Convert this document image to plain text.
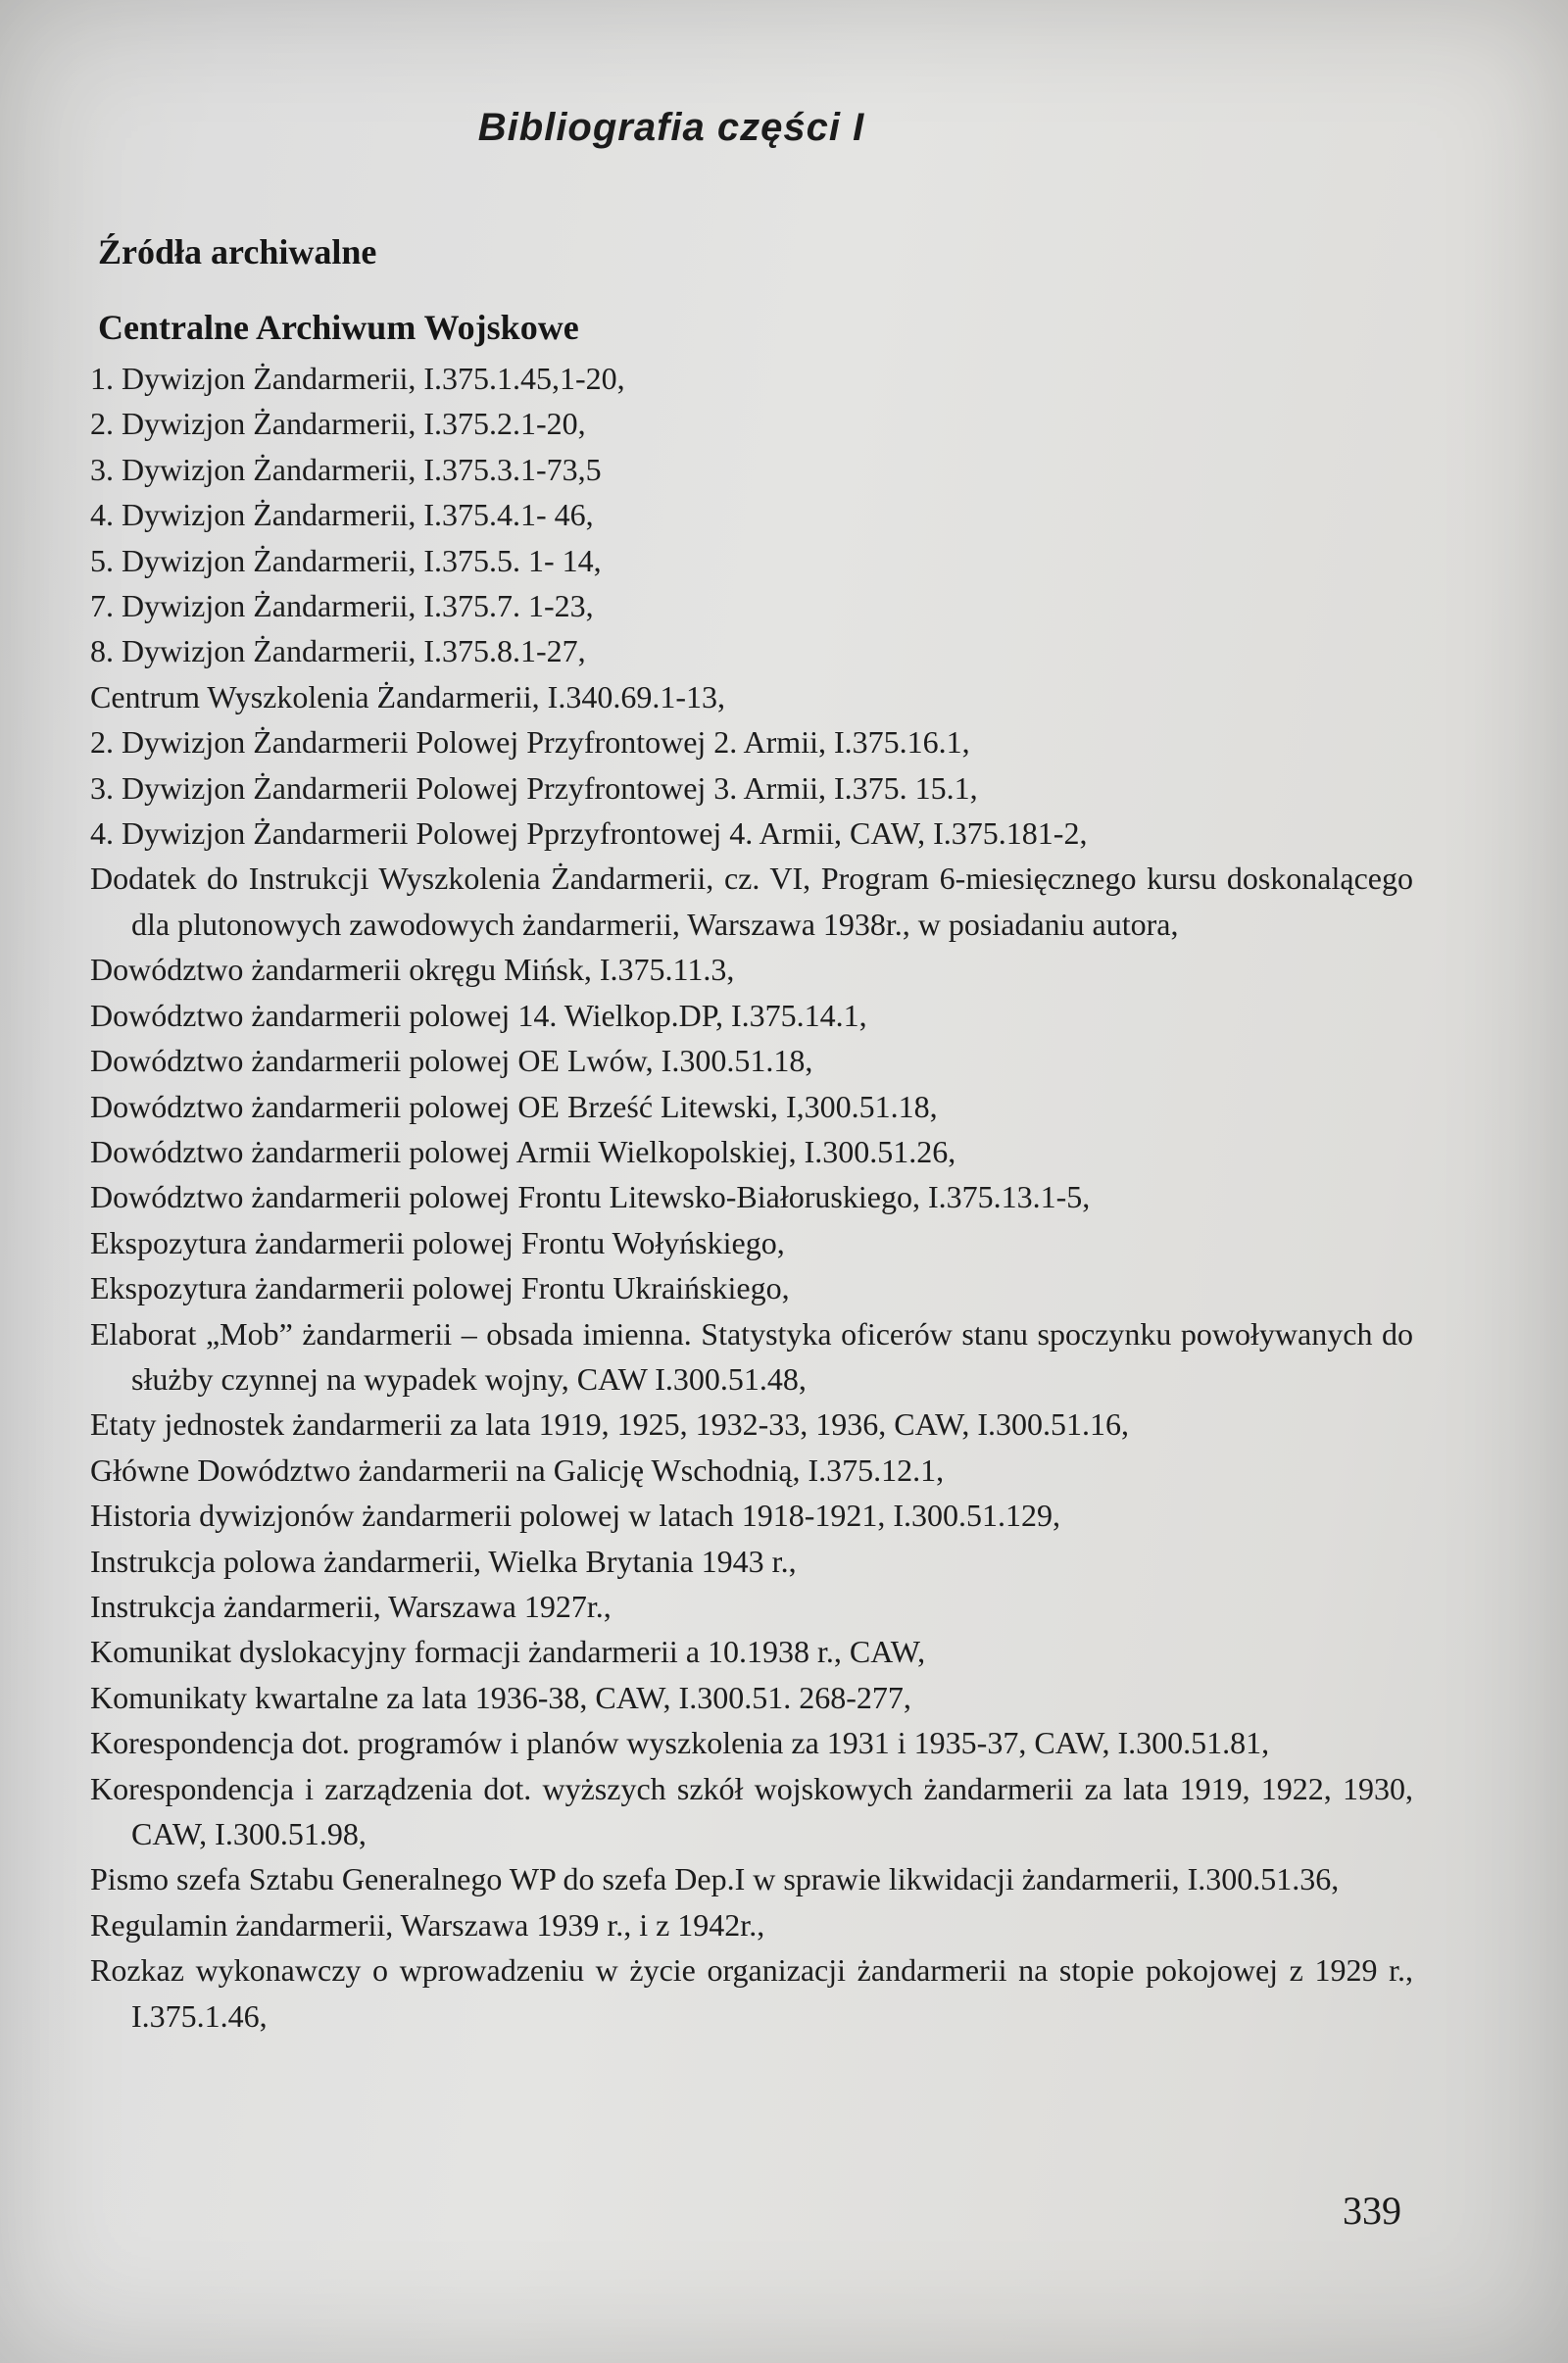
Bibliografia części I
Źródła archiwalne
Centralne Archiwum Wojskowe
1. Dywizjon Żandarmerii, I.375.1.45,1-20,
2. Dywizjon Żandarmerii, I.375.2.1-20,
3. Dywizjon Żandarmerii, I.375.3.1-73,5
4. Dywizjon Żandarmerii, I.375.4.1- 46,
5. Dywizjon Żandarmerii, I.375.5. 1- 14,
7. Dywizjon Żandarmerii, I.375.7. 1-23,
8. Dywizjon Żandarmerii, I.375.8.1-27,
Centrum Wyszkolenia Żandarmerii, I.340.69.1-13,
2. Dywizjon Żandarmerii Polowej Przyfrontowej 2. Armii, I.375.16.1,
3. Dywizjon Żandarmerii Polowej Przyfrontowej 3. Armii, I.375. 15.1,
4. Dywizjon Żandarmerii Polowej Pprzyfrontowej 4. Armii, CAW, I.375.181-2,
Dodatek do Instrukcji Wyszkolenia Żandarmerii, cz. VI, Program 6-miesięcznego kursu doskonalącego dla plutonowych zawodowych żandarmerii, Warszawa 1938r., w posiadaniu autora,
Dowództwo żandarmerii okręgu Mińsk, I.375.11.3,
Dowództwo żandarmerii polowej 14. Wielkop.DP, I.375.14.1,
Dowództwo żandarmerii polowej OE Lwów, I.300.51.18,
Dowództwo żandarmerii polowej OE Brześć Litewski, I,300.51.18,
Dowództwo żandarmerii polowej Armii Wielkopolskiej, I.300.51.26,
Dowództwo żandarmerii polowej Frontu Litewsko-Białoruskiego, I.375.13.1-5,
Ekspozytura żandarmerii polowej Frontu Wołyńskiego,
Ekspozytura żandarmerii polowej Frontu Ukraińskiego,
Elaborat „Mob” żandarmerii – obsada imienna. Statystyka oficerów stanu spoczynku powoływanych do służby czynnej na wypadek wojny, CAW I.300.51.48,
Etaty jednostek żandarmerii za lata 1919, 1925, 1932-33, 1936, CAW, I.300.51.16,
Główne Dowództwo żandarmerii na Galicję Wschodnią, I.375.12.1,
Historia dywizjonów żandarmerii polowej w latach 1918-1921, I.300.51.129,
Instrukcja polowa żandarmerii, Wielka Brytania 1943 r.,
Instrukcja żandarmerii, Warszawa 1927r.,
Komunikat dyslokacyjny formacji żandarmerii a 10.1938 r., CAW,
Komunikaty kwartalne za lata 1936-38, CAW, I.300.51. 268-277,
Korespondencja dot. programów i planów wyszkolenia za 1931 i 1935-37, CAW, I.300.51.81,
Korespondencja i zarządzenia dot. wyższych szkół wojskowych żandarmerii za lata 1919, 1922, 1930, CAW, I.300.51.98,
Pismo szefa Sztabu Generalnego WP do szefa Dep.I w sprawie likwidacji żandarmerii, I.300.51.36,
Regulamin żandarmerii, Warszawa 1939 r., i z 1942r.,
Rozkaz wykonawczy o wprowadzeniu w życie organizacji żandarmerii na stopie pokojowej z 1929 r., I.375.1.46,
339
